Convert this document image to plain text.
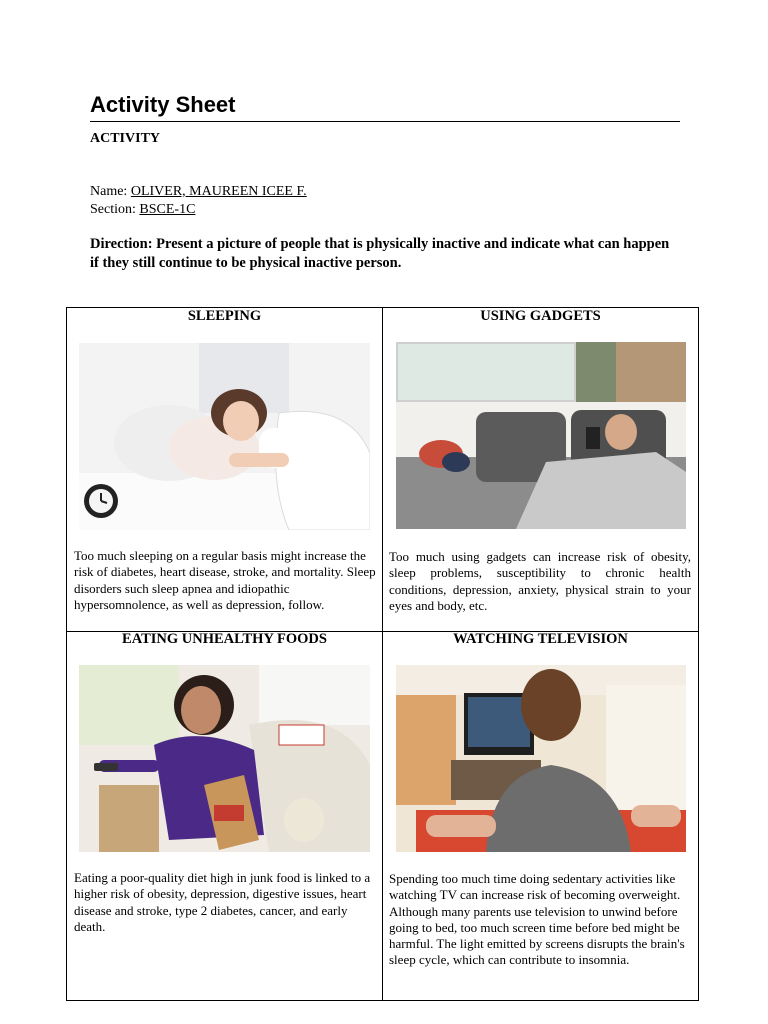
Activity Sheet
ACTIVITY
Name: OLIVER, MAUREEN ICEE F.
Section: BSCE-1C
Direction: Present a picture of people that is physically inactive and indicate what can happen if they still continue to be physical inactive person.
SLEEPING
Too much sleeping on a regular basis might increase the risk of diabetes, heart disease, stroke, and mortality. Sleep disorders such sleep apnea and idiopathic hypersomnolence, as well as depression, follow.
USING GADGETS
Too much using gadgets can increase risk of obesity, sleep problems, susceptibility to chronic health conditions, depression, anxiety, physical strain to your eyes and body, etc.
EATING UNHEALTHY FOODS
Eating a poor-quality diet high in junk food is linked to a higher risk of obesity, depression, digestive issues, heart disease and stroke, type 2 diabetes, cancer, and early death.
WATCHING TELEVISION
Spending too much time doing sedentary activities like watching TV can increase risk of becoming overweight. Although many parents use television to unwind before going to bed, too much screen time before bed might be harmful. The light emitted by screens disrupts the brain's sleep cycle, which can contribute to insomnia.
